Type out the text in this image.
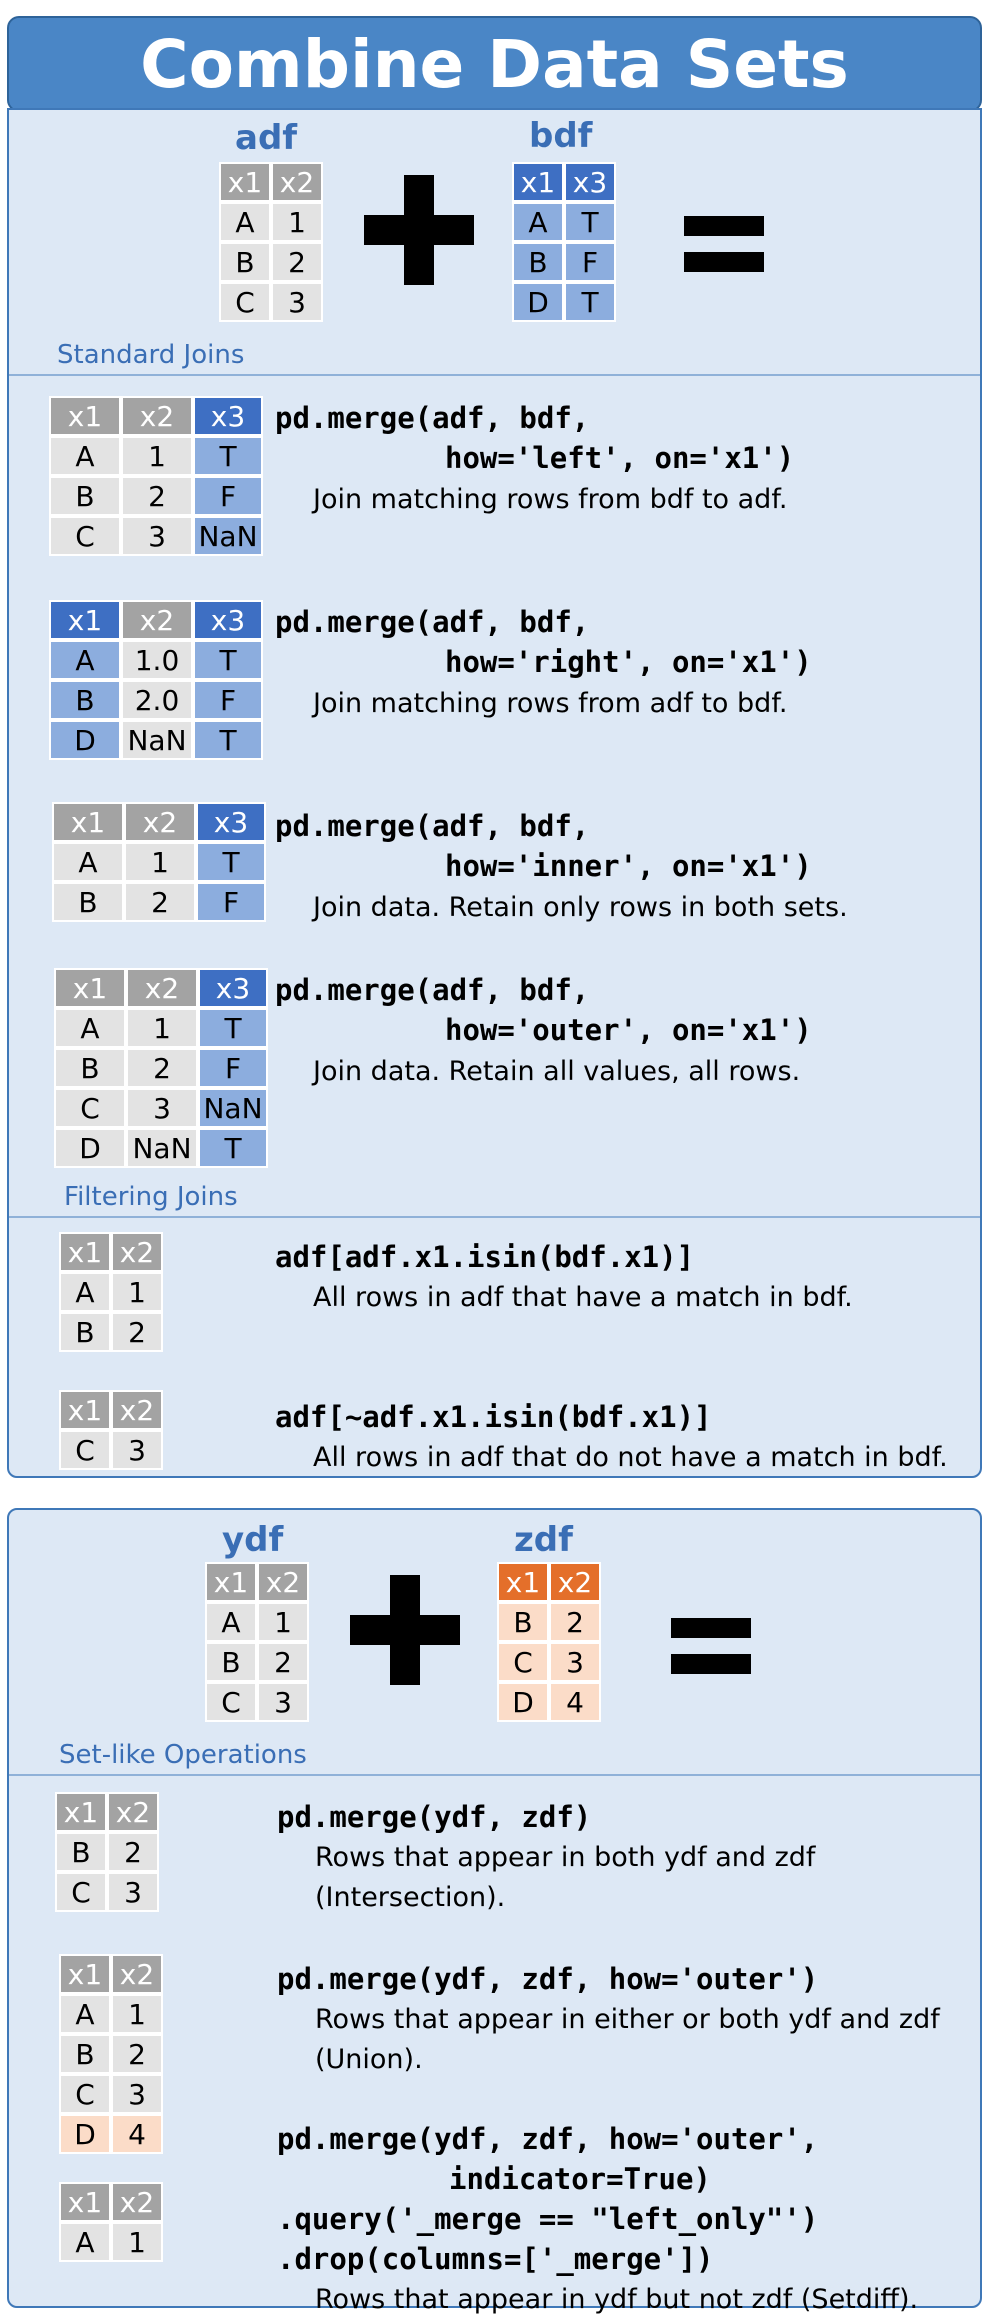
Combine Data Sets
adf	bdf
x1 x2
A	1
B	2
C	3
x1 x3
A	T
B	F
D	T
Standard Joins
x1	x2	x3
A	1	T
B	2	F
C	3	NaN
pd.merge(adf, bdf,
how='left', on='x1')
Join matching rows from bdf to adf.
x1	x2	x3
A	1.0	T
B	2.0	F
D	NaN	T
pd.merge(adf, bdf,
how='right', on='x1')
Join matching rows from adf to bdf.
x1	x2	x3
A	1	T
B	2	F
pd.merge(adf, bdf,
how='inner', on='x1')
Join data. Retain only rows in both sets.
x1	x2	x3
A	1	T
B	2	F
C	3	NaN
D	NaN	T
pd.merge(adf, bdf,
how='outer', on='x1')
Join data. Retain all values, all rows.
Filtering Joins
x1 x2
A	1
B	2
adf[adf.x1.isin(bdf.x1)]
All rows in adf that have a match in bdf.
x1 x2
C	3
adf[~adf.x1.isin(bdf.x1)]
All rows in adf that do not have a match in bdf.
ydf	zdf
x1 x2
A	1
B	2
C	3
x1 x2
B	2
C	3
D	4
Set-like Operations
x1 x2
B	2
C	3
pd.merge(ydf, zdf)
Rows that appear in both ydf and zdf
(Intersection).
x1 x2
A	1
B	2
C	3
D	4
pd.merge(ydf, zdf, how='outer')
Rows that appear in either or both ydf and zdf
(Union).
x1 x2
A	1
pd.merge(ydf, zdf, how='outer',
indicator=True)
.query('_merge == "left_only"')
.drop(columns=['_merge'])
Rows that appear in ydf but not zdf (Setdiff).
